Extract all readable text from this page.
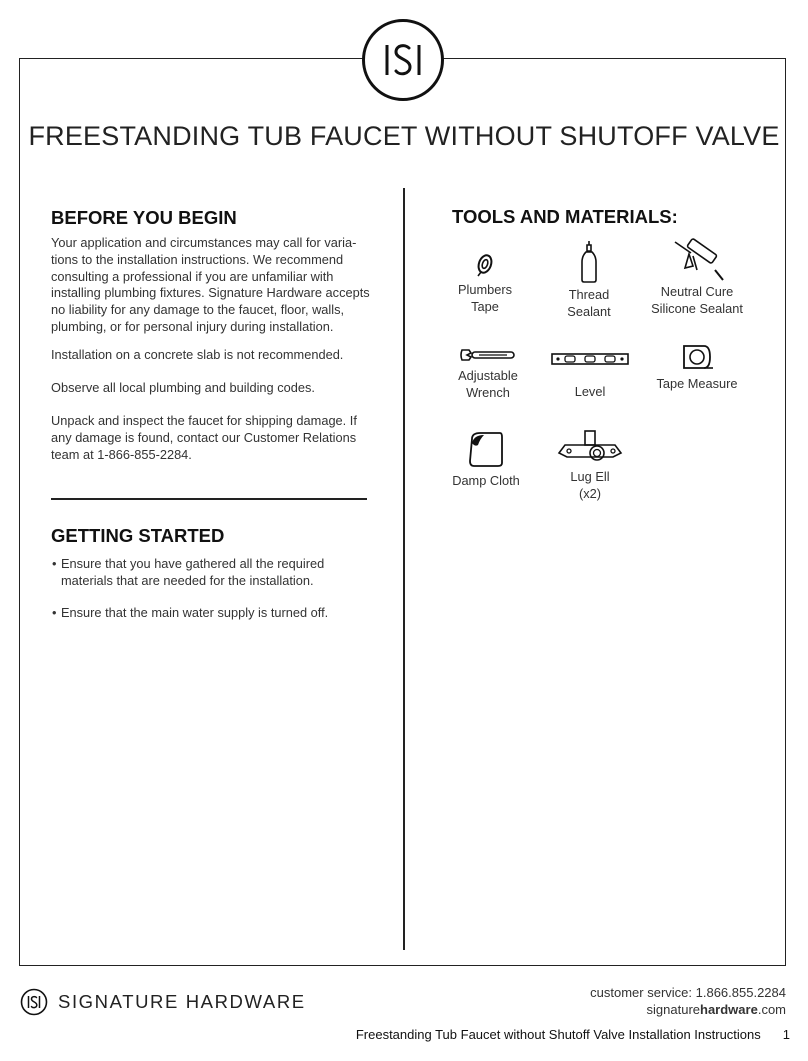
FREESTANDING TUB FAUCET WITHOUT SHUTOFF VALVE
BEFORE YOU BEGIN

Your application and circumstances may call for varia-
tions to the installation instructions. We recommend
consulting a professional if you are unfamiliar with
installing plumbing fixtures. Signature Hardware accepts
no liability for any damage to the faucet, floor, walls,
plumbing, or for personal injury during installation.

Installation on a concrete slab is not recommended.

Observe all local plumbing and building codes.

Unpack and inspect the faucet for shipping damage. If
any damage is found, contact our Customer Relations
team at 1-866-855-2284.

GETTING STARTED
• Ensure that you have gathered all the required
materials that are needed for the installation.
• Ensure that the main water supply is turned off.
TOOLS AND MATERIALS:
Plumbers
Tape
Thread
Sealant
Neutral Cure
Silicone Sealant
Adjustable
Wrench	Level
Tape Measure
Damp Cloth	Lug Ell
(x2)
SIGNATURE HARDWARE	customer service: 1.866.855.2284
signaturehardware.com
Freestanding Tub Faucet without Shutoff Valve Installation Instructions 1
